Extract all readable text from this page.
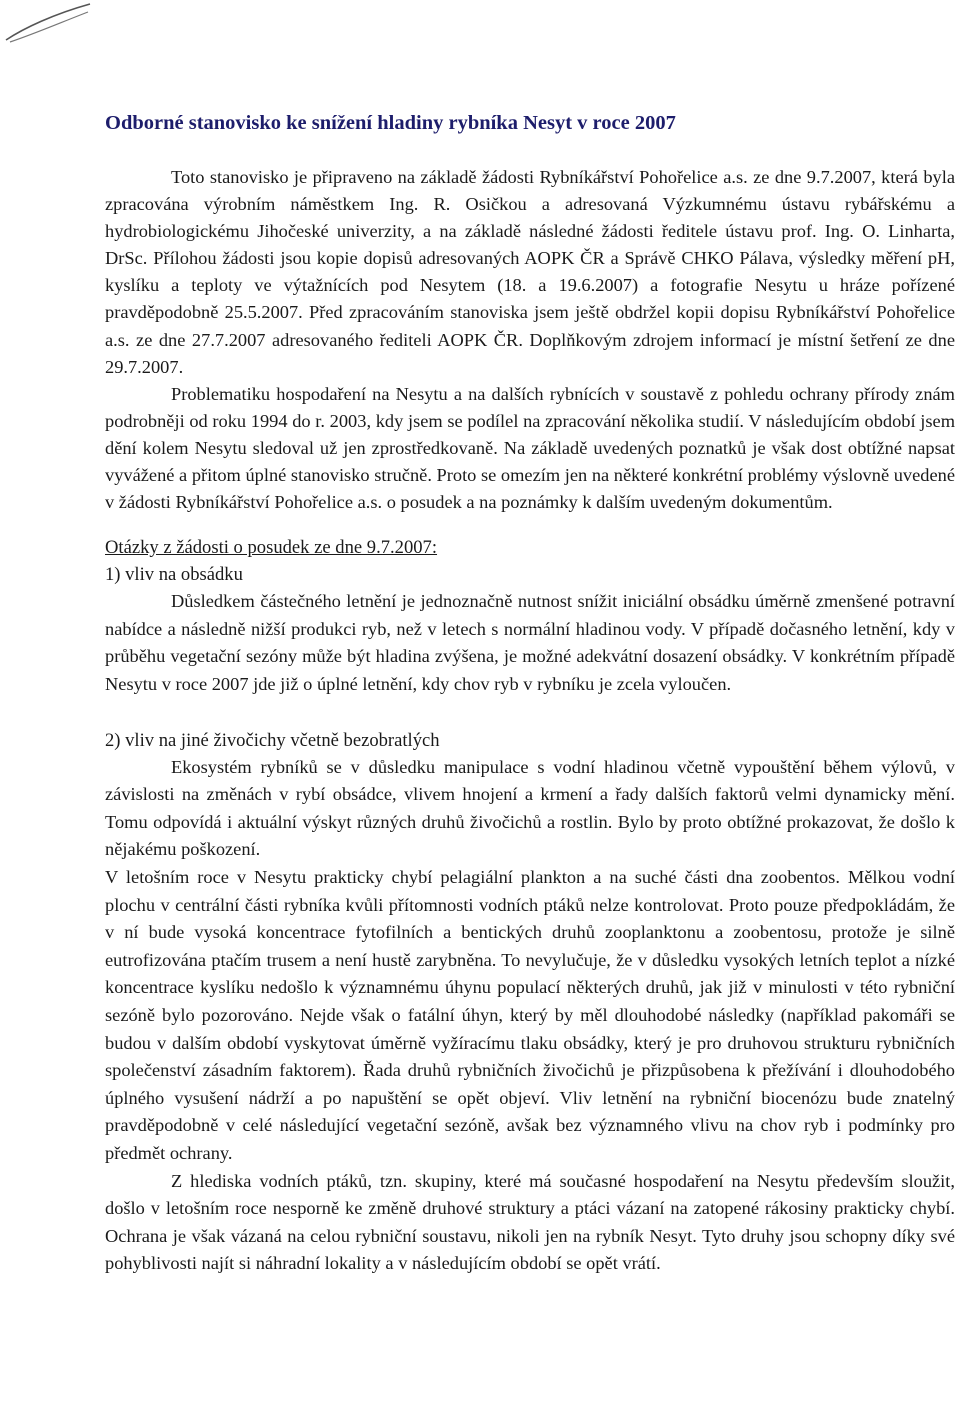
Odborné stanovisko ke snížení hladiny rybníka Nesyt v roce 2007

Toto stanovisko je připraveno na základě žádosti Rybníkářství Pohořelice a.s. ze dne 9.7.2007, která byla zpracována výrobním náměstkem Ing. R. Osičkou a adresovaná Výzkumnému ústavu rybářskému a hydrobiologickému Jihočeské univerzity, a na základě následné žádosti ředitele ústavu prof. Ing. O. Linharta, DrSc. Přílohou žádosti jsou kopie dopisů adresovaných AOPK ČR a Správě CHKO Pálava, výsledky měření pH, kyslíku a teploty ve výtažnících pod Nesytem (18. a 19.6.2007) a fotografie Nesytu u hráze pořízené pravděpodobně 25.5.2007. Před zpracováním stanoviska jsem ještě obdržel kopii dopisu Rybníkářství Pohořelice a.s. ze dne 27.7.2007 adresovaného řediteli AOPK ČR. Doplňkovým zdrojem informací je místní šetření ze dne 29.7.2007.

Problematiku hospodaření na Nesytu a na dalších rybnících v soustavě z pohledu ochrany přírody znám podrobněji od roku 1994 do r. 2003, kdy jsem se podílel na zpracování několika studií. V následujícím období jsem dění kolem Nesytu sledoval už jen zprostředkovaně. Na základě uvedených poznatků je však dost obtížné napsat vyvážené a přitom úplné stanovisko stručně. Proto se omezím jen na některé konkrétní problémy výslovně uvedené v žádosti Rybníkářství Pohořelice a.s. o posudek a na poznámky k dalším uvedeným dokumentům.

Otázky z žádosti o posudek ze dne 9.7.2007:

1) vliv na obsádku

Důsledkem částečného letnění je jednoznačně nutnost snížit iniciální obsádku úměrně zmenšené potravní nabídce a následně nižší produkci ryb, než v letech s normální hladinou vody. V případě dočasného letnění, kdy v průběhu vegetační sezóny může být hladina zvýšena, je možné adekvátní dosazení obsádky. V konkrétním případě Nesytu v roce 2007 jde již o úplné letnění, kdy chov ryb v rybníku je zcela vyloučen.

2) vliv na jiné živočichy včetně bezobratlých

Ekosystém rybníků se v důsledku manipulace s vodní hladinou včetně vypouštění během výlovů, v závislosti na změnách v rybí obsádce, vlivem hnojení a krmení a řady dalších faktorů velmi dynamicky mění. Tomu odpovídá i aktuální výskyt různých druhů živočichů a rostlin. Bylo by proto obtížné prokazovat, že došlo k nějakému poškození.

V letošním roce v Nesytu prakticky chybí pelagiální plankton a na suché části dna zoobentos. Mělkou vodní plochu v centrální části rybníka kvůli přítomnosti vodních ptáků nelze kontrolovat. Proto pouze předpokládám, že v ní bude vysoká koncentrace fytofilních a bentických druhů zooplanktonu a zoobentosu, protože je silně eutrofizována ptačím trusem a není hustě zarybněna. To nevylučuje, že v důsledku vysokých letních teplot a nízké koncentrace kyslíku nedošlo k významnému úhynu populací některých druhů, jak již v minulosti v této rybniční sezóně bylo pozorováno. Nejde však o fatální úhyn, který by měl dlouhodobé následky (například pakomáři se budou v dalším období vyskytovat úměrně vyžíracímu tlaku obsádky, který je pro druhovou strukturu rybničních společenství zásadním faktorem). Řada druhů rybničních živočichů je přizpůsobena k přežívání i dlouhodobého úplného vysušení nádrží a po napuštění se opět objeví. Vliv letnění na rybniční biocenózu bude znatelný pravděpodobně v celé následující vegetační sezóně, avšak bez významného vlivu na chov ryb i podmínky pro předmět ochrany.

Z hlediska vodních ptáků, tzn. skupiny, které má současné hospodaření na Nesytu především sloužit, došlo v letošním roce nesporně ke změně druhové struktury a ptáci vázaní na zatopené rákosiny prakticky chybí. Ochrana je však vázaná na celou rybniční soustavu, nikoli jen na rybník Nesyt. Tyto druhy jsou schopny díky své pohyblivosti najít si náhradní lokality a v následujícím období se opět vrátí.
